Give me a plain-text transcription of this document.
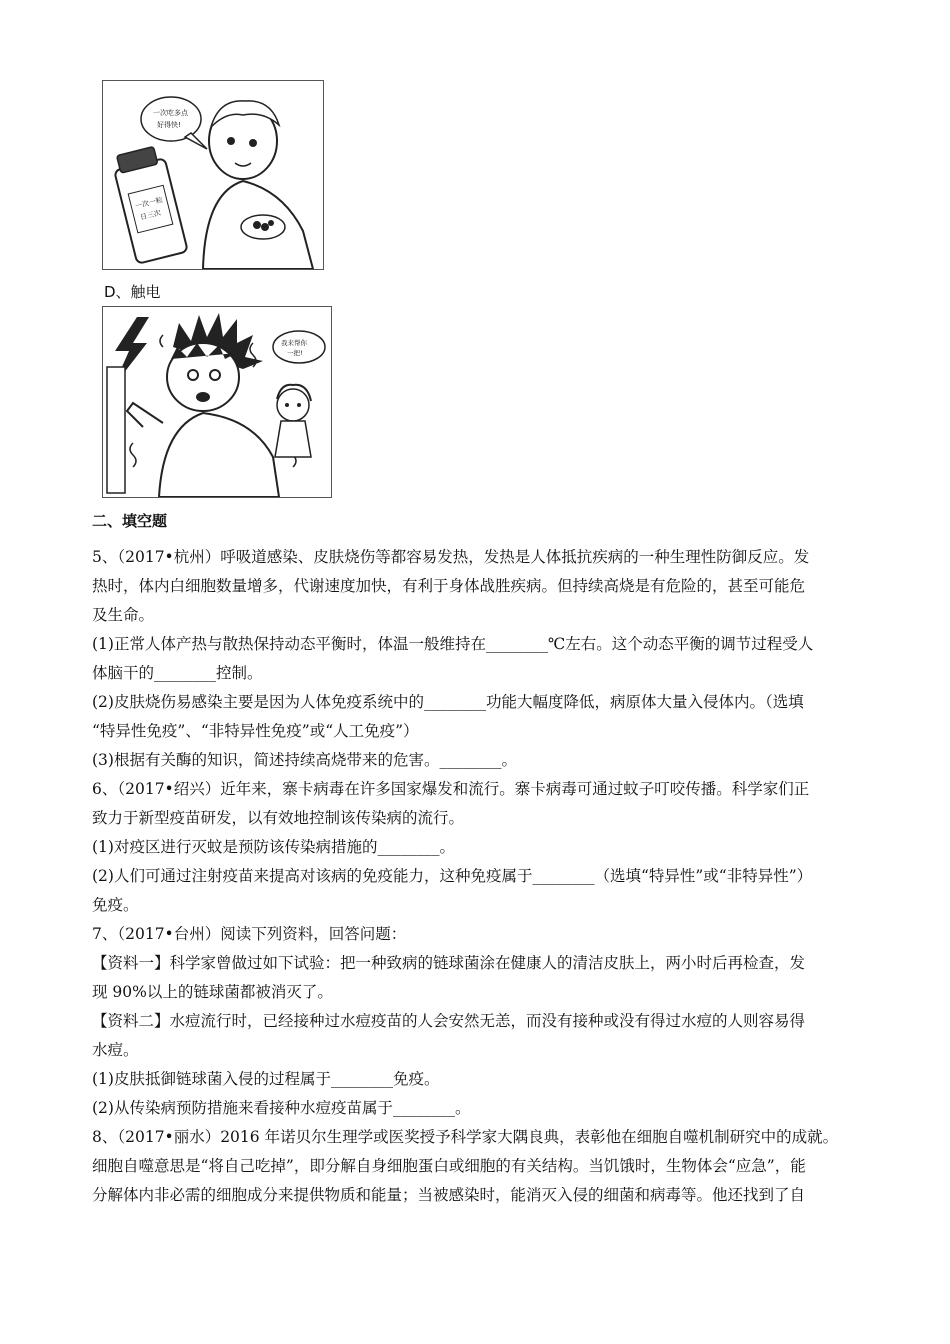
一次吃多点
好得快!
一次一粒
日三次
D、触电
我来帮你
一把!
二、填空题
5、（2017•杭州）呼吸道感染、皮肤烧伤等都容易发热，发热是人体抵抗疾病的一种生理性防御反应。发
热时，体内白细胞数量增多，代谢速度加快，有利于身体战胜疾病。但持续高烧是有危险的，甚至可能危
及生命。
(1)正常人体产热与散热保持动态平衡时，体温一般维持在________℃左右。这个动态平衡的调节过程受人
体脑干的________控制。
(2)皮肤烧伤易感染主要是因为人体免疫系统中的________功能大幅度降低，病原体大量入侵体内。（选填
“特异性免疫”、“非特异性免疫”或“人工免疫”）
(3)根据有关酶的知识，简述持续高烧带来的危害。________。
6、（2017•绍兴）近年来，寨卡病毒在许多国家爆发和流行。寨卡病毒可通过蚊子叮咬传播。科学家们正
致力于新型疫苗研发，以有效地控制该传染病的流行。
(1)对疫区进行灭蚊是预防该传染病措施的________。
(2)人们可通过注射疫苗来提高对该病的免疫能力，这种免疫属于________（选填“特异性”或“非特异性”）
免疫。
7、（2017•台州）阅读下列资料，回答问题：
【资料一】科学家曾做过如下试验：把一种致病的链球菌涂在健康人的清洁皮肤上，两小时后再检查，发
现 90%以上的链球菌都被消灭了。
【资料二】水痘流行时，已经接种过水痘疫苗的人会安然无恙，而没有接种或没有得过水痘的人则容易得
水痘。
(1)皮肤抵御链球菌入侵的过程属于________免疫。
(2)从传染病预防措施来看接种水痘疫苗属于________。
8、（2017•丽水）2016 年诺贝尔生理学或医奖授予科学家大隅良典，表彰他在细胞自噬机制研究中的成就。
细胞自噬意思是“将自己吃掉”，即分解自身细胞蛋白或细胞的有关结构。当饥饿时，生物体会“应急”，能
分解体内非必需的细胞成分来提供物质和能量；当被感染时，能消灭入侵的细菌和病毒等。他还找到了自
